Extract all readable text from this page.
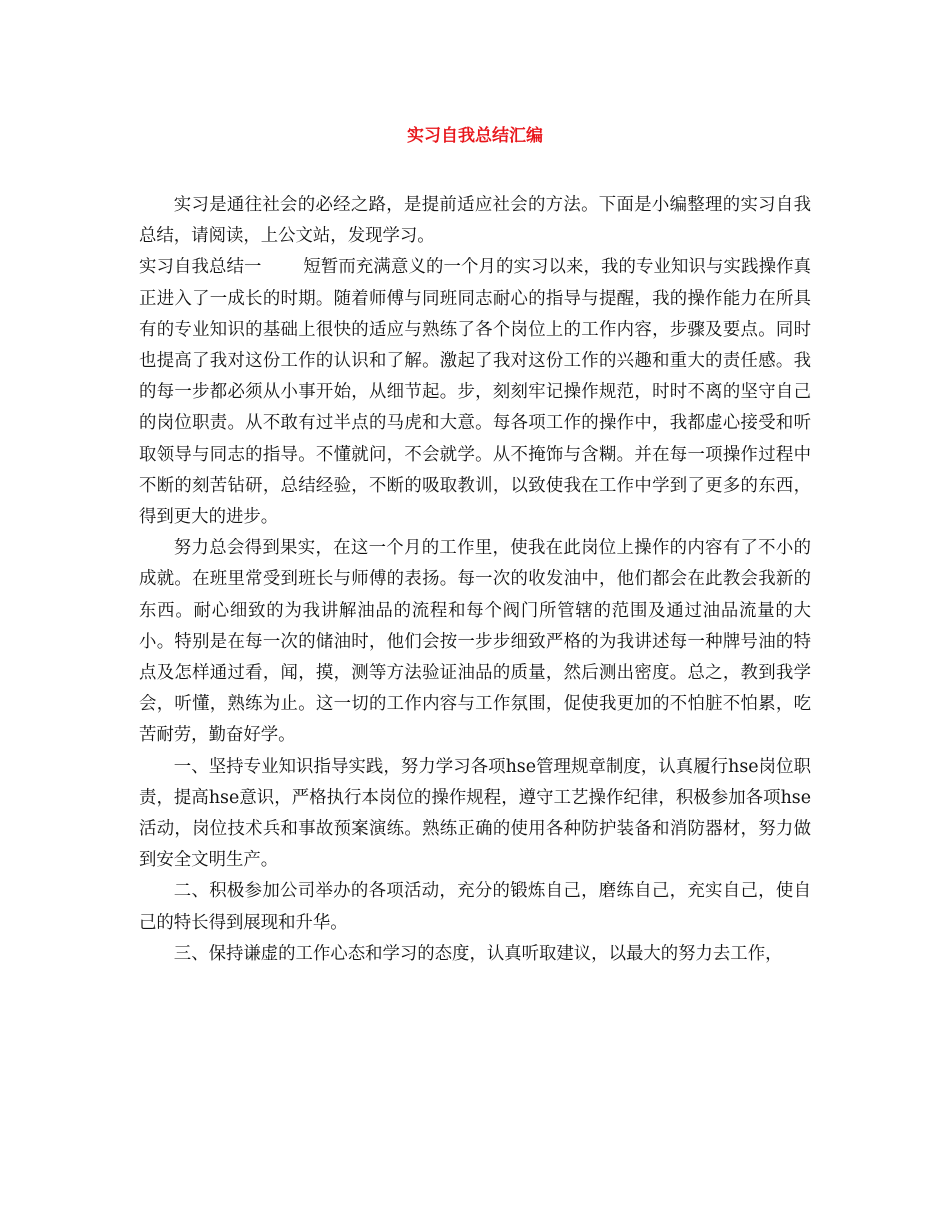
实习自我总结汇编

实习是通往社会的必经之路，是提前适应社会的方法。下面是小编整理的实习自我总结，请阅读，上公文站，发现学习。

实习自我总结一 短暂而充满意义的一个月的实习以来，我的专业知识与实践操作真正进入了一成长的时期。随着师傅与同班同志耐心的指导与提醒，我的操作能力在所具有的专业知识的基础上很快的适应与熟练了各个岗位上的工作内容，步骤及要点。同时也提高了我对这份工作的认识和了解。激起了我对这份工作的兴趣和重大的责任感。我的每一步都必须从小事开始，从细节起。步，刻刻牢记操作规范，时时不离的坚守自己的岗位职责。从不敢有过半点的马虎和大意。每各项工作的操作中，我都虚心接受和听取领导与同志的指导。不懂就问，不会就学。从不掩饰与含糊。并在每一项操作过程中不断的刻苦钻研，总结经验，不断的吸取教训，以致使我在工作中学到了更多的东西，得到更大的进步。

努力总会得到果实，在这一个月的工作里，使我在此岗位上操作的内容有了不小的成就。在班里常受到班长与师傅的表扬。每一次的收发油中，他们都会在此教会我新的东西。耐心细致的为我讲解油品的流程和每个阀门所管辖的范围及通过油品流量的大小。特别是在每一次的储油时，他们会按一步步细致严格的为我讲述每一种牌号油的特点及怎样通过看，闻，摸，测等方法验证油品的质量，然后测出密度。总之，教到我学会，听懂，熟练为止。这一切的工作内容与工作氛围，促使我更加的不怕脏不怕累，吃苦耐劳，勤奋好学。

一、坚持专业知识指导实践，努力学习各项hse管理规章制度，认真履行hse岗位职责，提高hse意识，严格执行本岗位的操作规程，遵守工艺操作纪律，积极参加各项hse活动，岗位技术兵和事故预案演练。熟练正确的使用各种防护装备和消防器材，努力做到安全文明生产。

二、积极参加公司举办的各项活动，充分的锻炼自己，磨练自己，充实自己，使自己的特长得到展现和升华。

三、保持谦虚的工作心态和学习的态度，认真听取建议，以最大的努力去工作，
